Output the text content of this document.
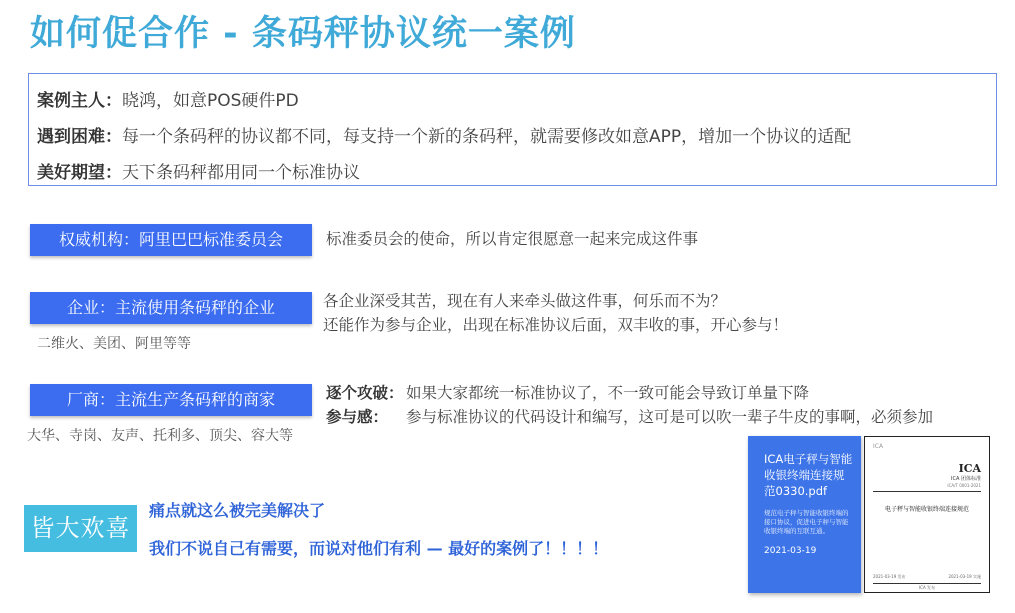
如何促合作 - 条码秤协议统一案例
案例主人：晓鸿，如意POS硬件PD
遇到困难：每一个条码秤的协议都不同，每支持一个新的条码秤，就需要修改如意APP，增加一个协议的适配
美好期望：天下条码秤都用同一个标准协议
权威机构：阿里巴巴标准委员会	标准委员会的使命，所以肯定很愿意一起来完成这件事
企业：主流使用条码秤的企业
二维火、美团、阿里等等
各企业深受其苦，现在有人来牵头做这件事，何乐而不为？
还能作为参与企业，出现在标准协议后面，双丰收的事，开心参与！
厂商：主流生产条码秤的商家
大华、寺岗、友声、托利多、顶尖、容大等
逐个攻破： 如果大家都统一标准协议了，不一致可能会导致订单量下降
参与感： 参与标准协议的代码设计和编写，这可是可以吹一辈子牛皮的事啊，必须参加
皆大欢喜
痛点就这么被完美解决了
我们不说自己有需要，而说对他们有利 — 最好的案例了！！！！
ICA电子秤与智能收银终端连接规范0330.pdf
规范电子秤与智能收银终端的接口协议，促进电子秤与智能收银终端的互联互通。
2021-03-19
ICA
ICA
ICA 团体标准
ICA/T 0001-2021
电子秤与智能收银终端连接规范
2021-03-19 发布	2021-03-19 实施
ICA 发布
